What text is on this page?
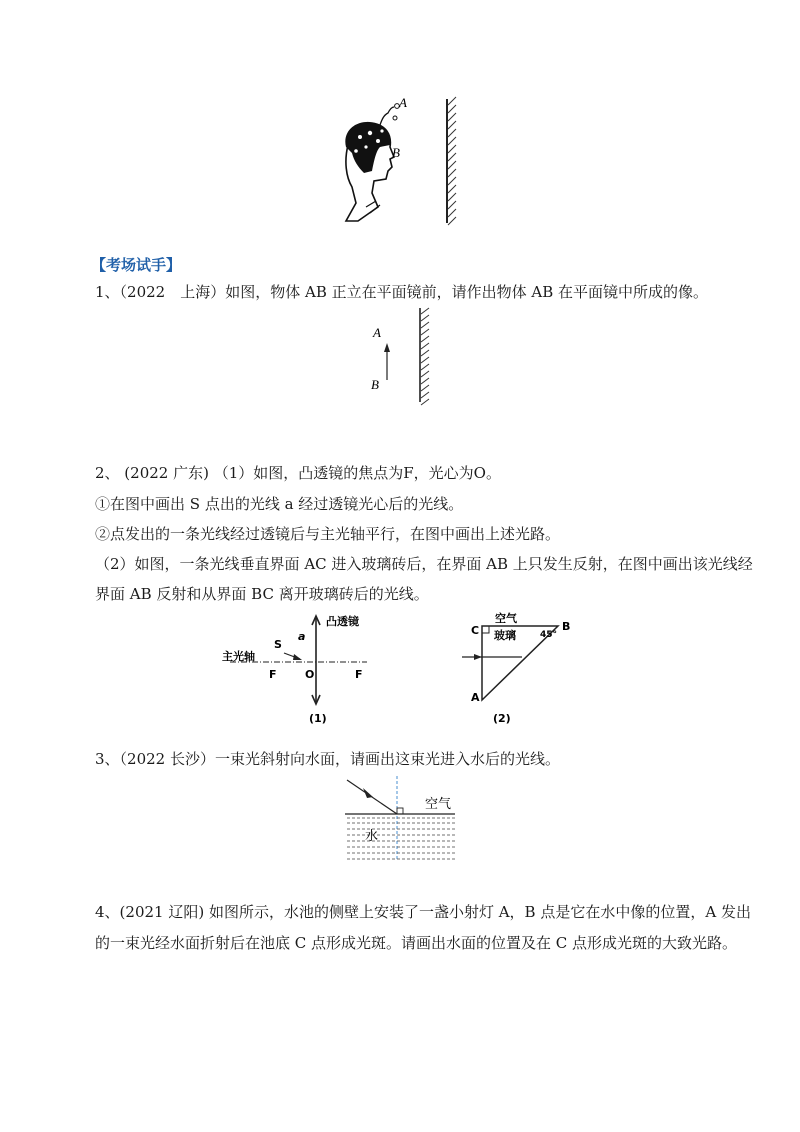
A
B
【考场试手】
1、（2022　上海）如图，物体 AB 正立在平面镜前，请作出物体 AB 在平面镜中所成的像。
A
B
2、 (2022 广东) （1）如图，凸透镜的焦点为F，光心为O。
①在图中画出 S 点出的光线 a 经过透镜光心后的光线。
②点发出的一条光线经过透镜后与主光轴平行，在图中画出上述光路。
（2）如图，一条光线垂直界面 AC 进入玻璃砖后，在界面 AB 上只发生反射，在图中画出该光线经
界面 AB 反射和从界面 BC 离开玻璃砖后的光线。
凸透镜
主光轴
S
a
F	O	F
(1)
空气
玻璃	45°
C	B
A
(2)
3、（2022 长沙）一束光斜射向水面，请画出这束光进入水后的光线。
空气
水
4、(2021 辽阳) 如图所示，水池的侧壁上安装了一盏小射灯 A，B 点是它在水中像的位置，A 发出
的一束光经水面折射后在池底 C 点形成光斑。请画出水面的位置及在 C 点形成光斑的大致光路。
